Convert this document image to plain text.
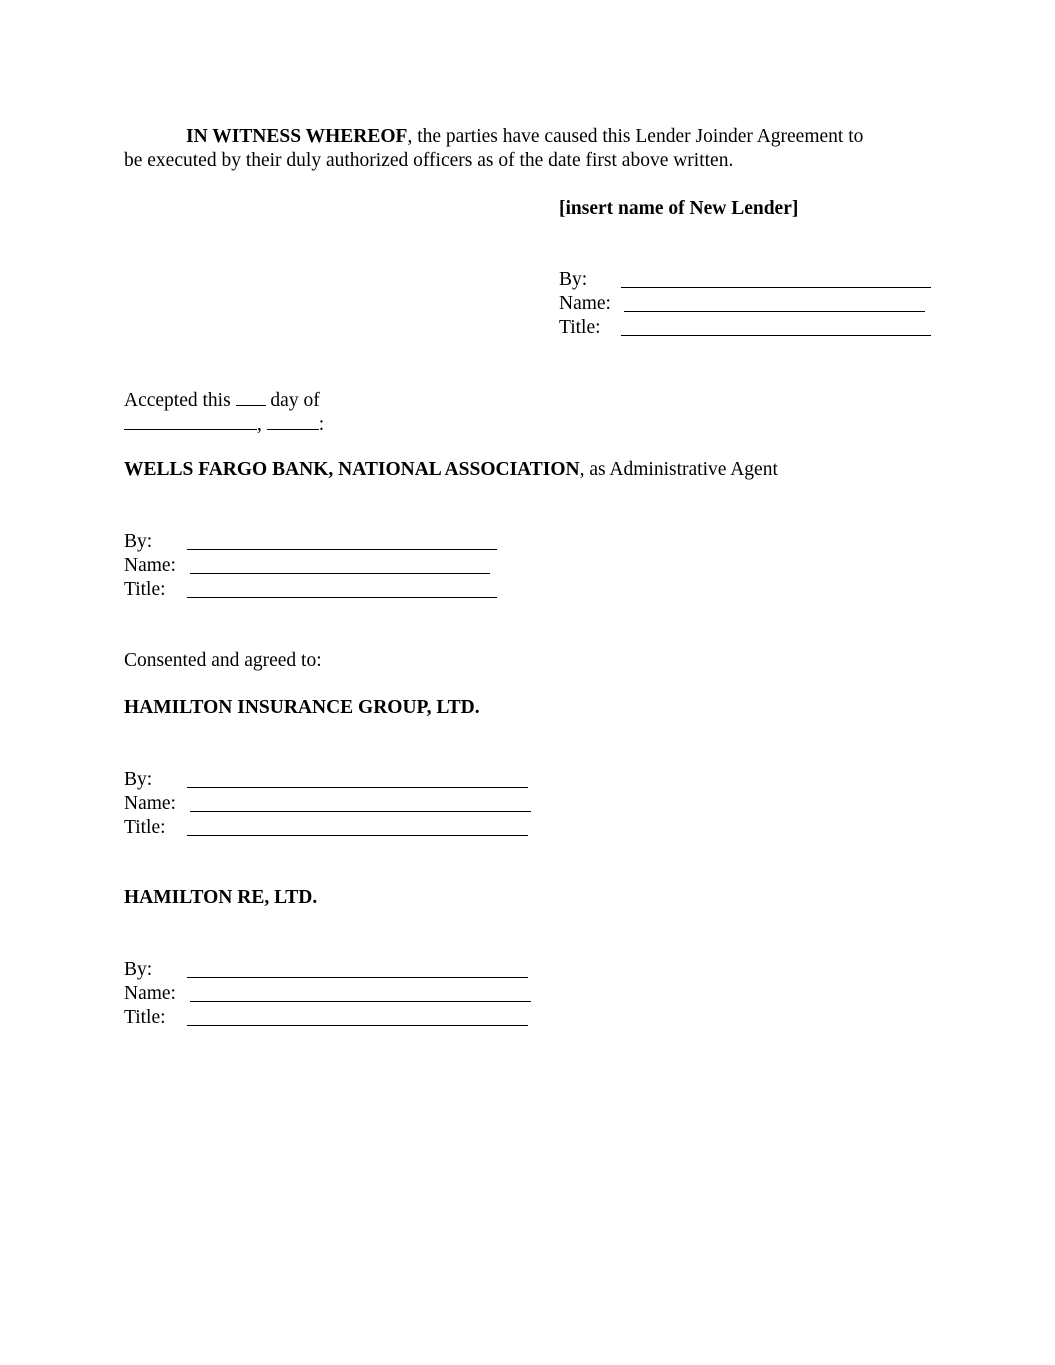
IN WITNESS WHEREOF, the parties have caused this Lender Joinder Agreement to
be executed by their duly authorized officers as of the date first above written.
[insert name of New Lender]
By:
Name:
Title:
Accepted this day of
,	:
WELLS FARGO BANK, NATIONAL ASSOCIATION, as Administrative Agent
By:
Name:
Title:
Consented and agreed to:
HAMILTON INSURANCE GROUP, LTD.
By:
Name:
Title:
HAMILTON RE, LTD.
By:
Name:
Title:
